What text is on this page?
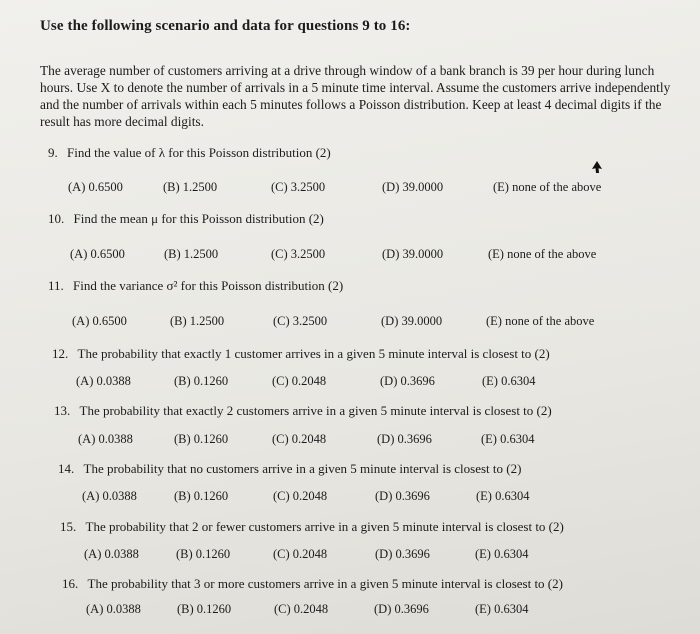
Use the following scenario and data for questions 9 to 16:
The average number of customers arriving at a drive through window of a bank branch is 39 per hour during lunch hours. Use X to denote the number of arrivals in a 5 minute time interval. Assume the customers arrive independently and the number of arrivals within each 5 minutes follows a Poisson distribution. Keep at least 4 decimal digits if the result has more decimal digits.
9. Find the value of λ for this Poisson distribution (2)
(A) 0.6500	(B) 1.2500	(C) 3.2500	(D) 39.0000	(E) none of the above
10. Find the mean μ for this Poisson distribution (2)
(A) 0.6500	(B) 1.2500	(C) 3.2500	(D) 39.0000	(E) none of the above
11. Find the variance σ² for this Poisson distribution (2)
(A) 0.6500	(B) 1.2500	(C) 3.2500	(D) 39.0000	(E) none of the above
12. The probability that exactly 1 customer arrives in a given 5 minute interval is closest to (2)
(A) 0.0388	(B) 0.1260	(C) 0.2048	(D) 0.3696	(E) 0.6304
13. The probability that exactly 2 customers arrive in a given 5 minute interval is closest to (2)
(A) 0.0388	(B) 0.1260	(C) 0.2048	(D) 0.3696	(E) 0.6304
14. The probability that no customers arrive in a given 5 minute interval is closest to (2)
(A) 0.0388	(B) 0.1260	(C) 0.2048	(D) 0.3696	(E) 0.6304
15. The probability that 2 or fewer customers arrive in a given 5 minute interval is closest to (2)
(A) 0.0388	(B) 0.1260	(C) 0.2048	(D) 0.3696	(E) 0.6304
16. The probability that 3 or more customers arrive in a given 5 minute interval is closest to (2)
(A) 0.0388	(B) 0.1260	(C) 0.2048	(D) 0.3696	(E) 0.6304
